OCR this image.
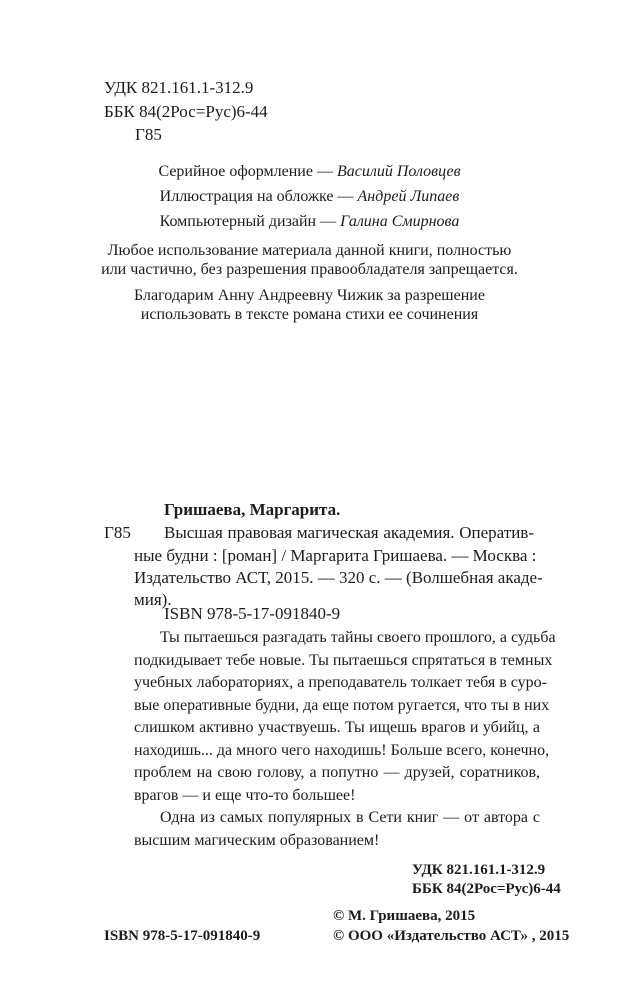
УДК 821.161.1-312.9
ББК 84(2Рос=Рус)6-44
Г85
Серийное оформление — Василий Половцев
Иллюстрация на обложке — Андрей Липаев
Компьютерный дизайн — Галина Смирнова
Любое использование материала данной книги, полностью
или частично, без разрешения правообладателя запрещается.
Благодарим Анну Андреевну Чижик за разрешение
использовать в тексте романа стихи ее сочинения
Гришаева, Маргарита.
Г85 Высшая правовая магическая академия. Оператив-
ные будни : [роман] / Маргарита Гришаева. — Москва :
Издательство АСТ, 2015. — 320 с. — (Волшебная акаде-
мия).
ISBN 978-5-17-091840-9
Ты пытаешься разгадать тайны своего прошлого, а судьба
подкидывает тебе новые. Ты пытаешься спрятаться в темных
учебных лабораториях, а преподаватель толкает тебя в суро-
вые оперативные будни, да еще потом ругается, что ты в них
слишком активно участвуешь. Ты ищешь врагов и убийц, а
находишь... да много чего находишь! Больше всего, конечно,
проблем на свою голову, а попутно — друзей, соратников,
врагов — и еще что-то большее!
Одна из самых популярных в Сети книг — от автора с
высшим магическим образованием!
УДК 821.161.1-312.9
ББК 84(2Рос=Рус)6-44
© М. Гришаева, 2015
ISBN 978-5-17-091840-9	© ООО «Издательство АСТ» , 2015
